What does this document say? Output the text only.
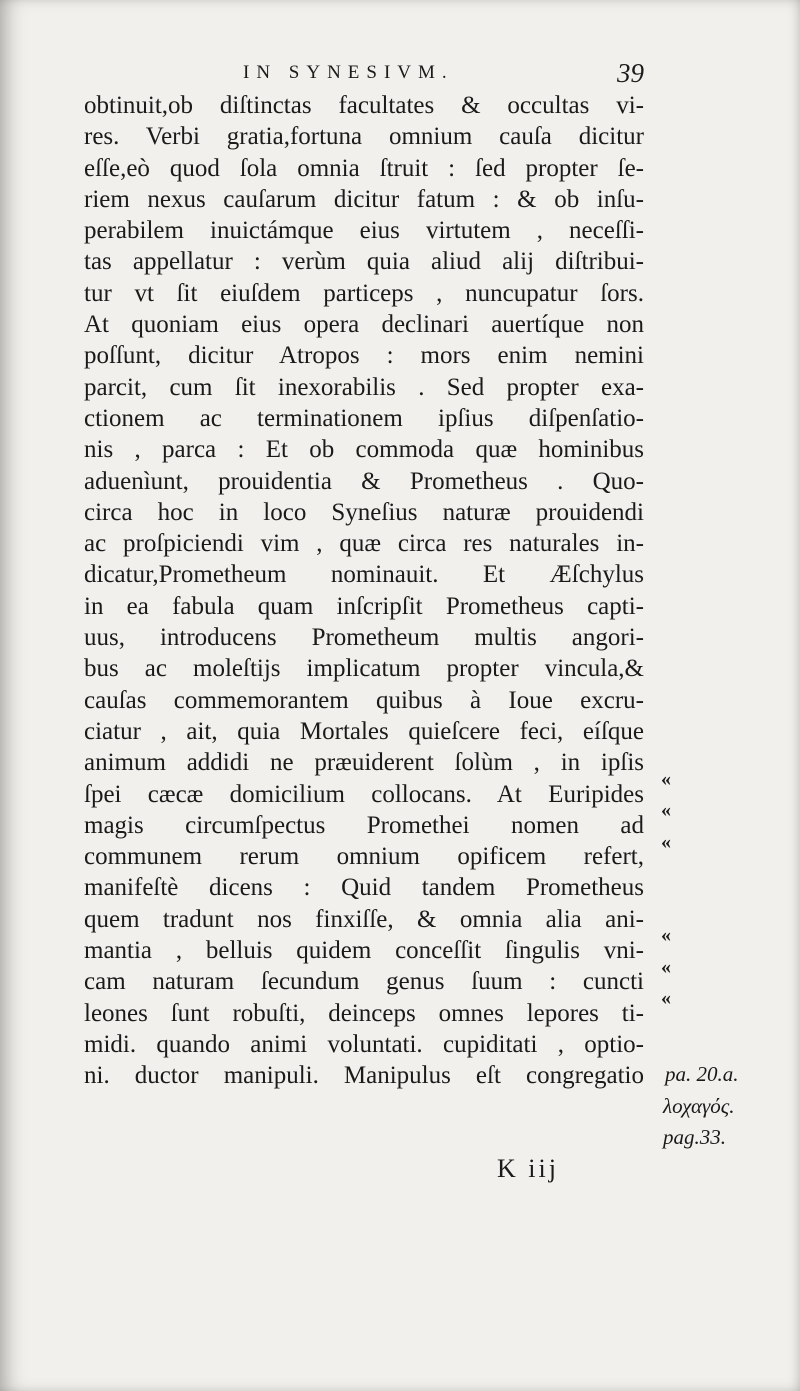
IN SYNESIVM.	39
obtinuit,ob diſtinctas facultates & occultas vi-
res. Verbi gratia,fortuna omnium cauſa dicitur
eſſe,eò quod ſola omnia ſtruit : ſed propter ſe-
riem nexus cauſarum dicitur fatum : & ob inſu-
perabilem inuictámque eius virtutem , neceſſi-
tas appellatur : verùm quia aliud alij diſtribui-
tur vt ſit eiuſdem particeps , nuncupatur ſors.
At quoniam eius opera declinari auertíque non
poſſunt, dicitur Atropos : mors enim nemini
parcit, cum ſit inexorabilis . Sed propter exa-
ctionem ac terminationem ipſius diſpenſatio-
nis , parca : Et ob commoda quæ hominibus
aduenìunt, prouidentia & Prometheus . Quo-
circa hoc in loco Syneſius naturæ prouidendi
ac proſpiciendi vim , quæ circa res naturales in-
dicatur,Prometheum nominauit. Et Æſchylus
in ea fabula quam inſcripſit Prometheus capti-
uus, introducens Prometheum multis angori-
bus ac moleſtijs implicatum propter vincula,&
cauſas commemorantem quibus à Ioue excru-
ciatur , ait, quia Mortales quieſcere feci, eíſque
animum addidi ne præuiderent ſolùm , in ipſis
ſpei cæcæ domicilium collocans. At Euripides
magis circumſpectus Promethei nomen ad
communem rerum omnium opificem refert,
manifeſtè dicens : Quid tandem Prometheus
quem tradunt nos finxiſſe, & omnia alia ani-
mantia , belluis quidem conceſſit ſingulis vni-
cam naturam ſecundum genus ſuum : cuncti
leones ſunt robuſti, deinceps omnes lepores ti-
midi. quando animi voluntati. cupiditati , optio-
ni. ductor manipuli. Manipulus eſt congregatio
«
«
«
«
«
«
pa. 20.a.
λοχαγός.
pag.33.
K iij
